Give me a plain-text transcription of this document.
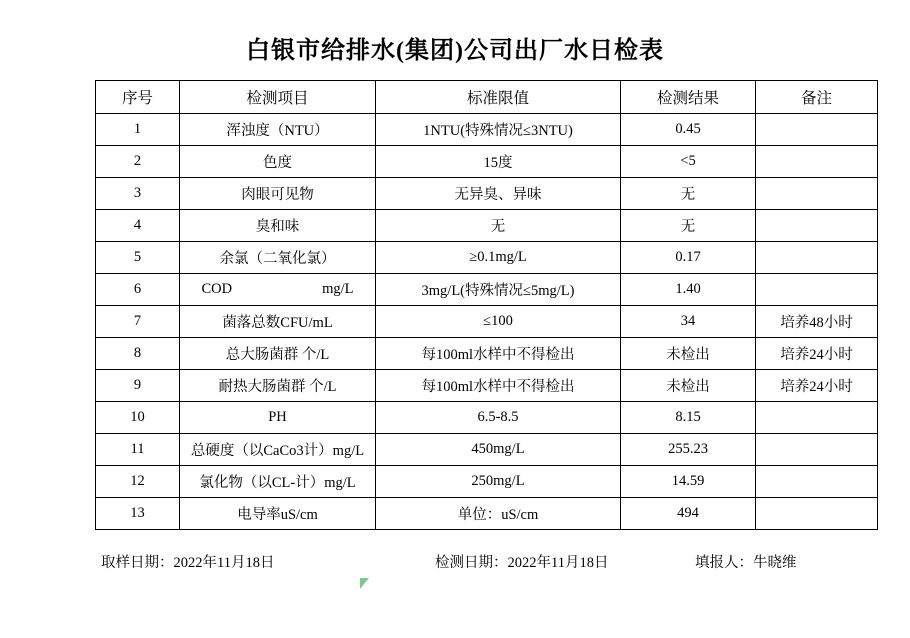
白银市给排水(集团)公司出厂水日检表
序号	检测项目	标准限值	检测结果	备注
1	浑浊度（NTU）	1NTU(特殊情况≤3NTU)	0.45	
2	色度	15度	<5	
3	肉眼可见物	无异臭、异味	无	
4	臭和味	无	无	
5	余氯（二氧化氯）	≥0.1mg/L	0.17	
6	COD mg/L	3mg/L(特殊情况≤5mg/L)	1.40	
7	菌落总数CFU/mL	≤100	34	培养48小时
8	总大肠菌群 个/L	每100ml水样中不得检出	未检出	培养24小时
9	耐热大肠菌群 个/L	每100ml水样中不得检出	未检出	培养24小时
10	PH	6.5-8.5	8.15	
11	总硬度（以CaCo3计）mg/L	450mg/L	255.23	
12	氯化物（以CL-计）mg/L	250mg/L	14.59	
13	电导率uS/cm	单位：uS/cm	494	
取样日期：2022年11月18日	检测日期：2022年11月18日	填报人：牛晓维
